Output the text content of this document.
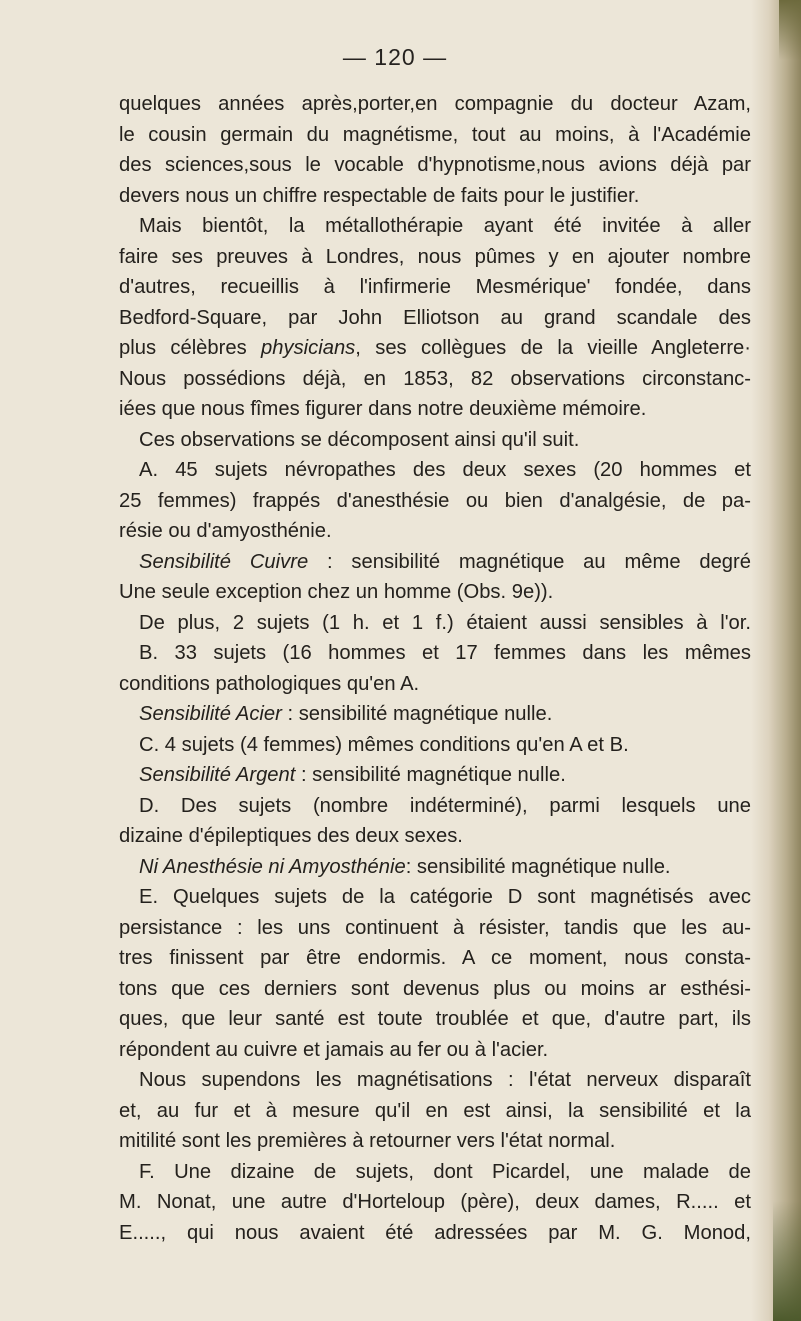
— 120 —
quelques années après,porter,en compagnie du docteur Azam,
le cousin germain du magnétisme, tout au moins, à l'Académie
des sciences,sous le vocable d'hypnotisme,nous avions déjà par
devers nous un chiffre respectable de faits pour le justifier.
Mais bientôt, la métallothérapie ayant été invitée à aller
faire ses preuves à Londres, nous pûmes y en ajouter nombre
d'autres, recueillis à l'infirmerie Mesmérique' fondée, dans
Bedford-Square, par John Elliotson au grand scandale des
plus célèbres physicians, ses collègues de la vieille Angleterre·
Nous possédions déjà, en 1853, 82 observations circonstanc-
iées que nous fîmes figurer dans notre deuxième mémoire.
Ces observations se décomposent ainsi qu'il suit.
A. 45 sujets névropathes des deux sexes (20 hommes et
25 femmes) frappés d'anesthésie ou bien d'analgésie, de pa-
résie ou d'amyosthénie.
Sensibilité Cuivre : sensibilité magnétique au même degré
Une seule exception chez un homme (Obs. 9e)).
De plus, 2 sujets (1 h. et 1 f.) étaient aussi sensibles à l'or.
B. 33 sujets (16 hommes et 17 femmes dans les mêmes
conditions pathologiques qu'en A.
Sensibilité Acier : sensibilité magnétique nulle.
C. 4 sujets (4 femmes) mêmes conditions qu'en A et B.
Sensibilité Argent : sensibilité magnétique nulle.
D. Des sujets (nombre indéterminé), parmi lesquels une
dizaine d'épileptiques des deux sexes.
Ni Anesthésie ni Amyosthénie: sensibilité magnétique nulle.
E. Quelques sujets de la catégorie D sont magnétisés avec
persistance : les uns continuent à résister, tandis que les au-
tres finissent par être endormis. A ce moment, nous consta-
tons que ces derniers sont devenus plus ou moins ar esthési-
ques, que leur santé est toute troublée et que, d'autre part, ils
répondent au cuivre et jamais au fer ou à l'acier.
Nous supendons les magnétisations : l'état nerveux disparaît
et, au fur et à mesure qu'il en est ainsi, la sensibilité et la
mitilité sont les premières à retourner vers l'état normal.
F. Une dizaine de sujets, dont Picardel, une malade de
M. Nonat, une autre d'Horteloup (père), deux dames, R..... et
E....., qui nous avaient été adressées par M. G. Monod,
